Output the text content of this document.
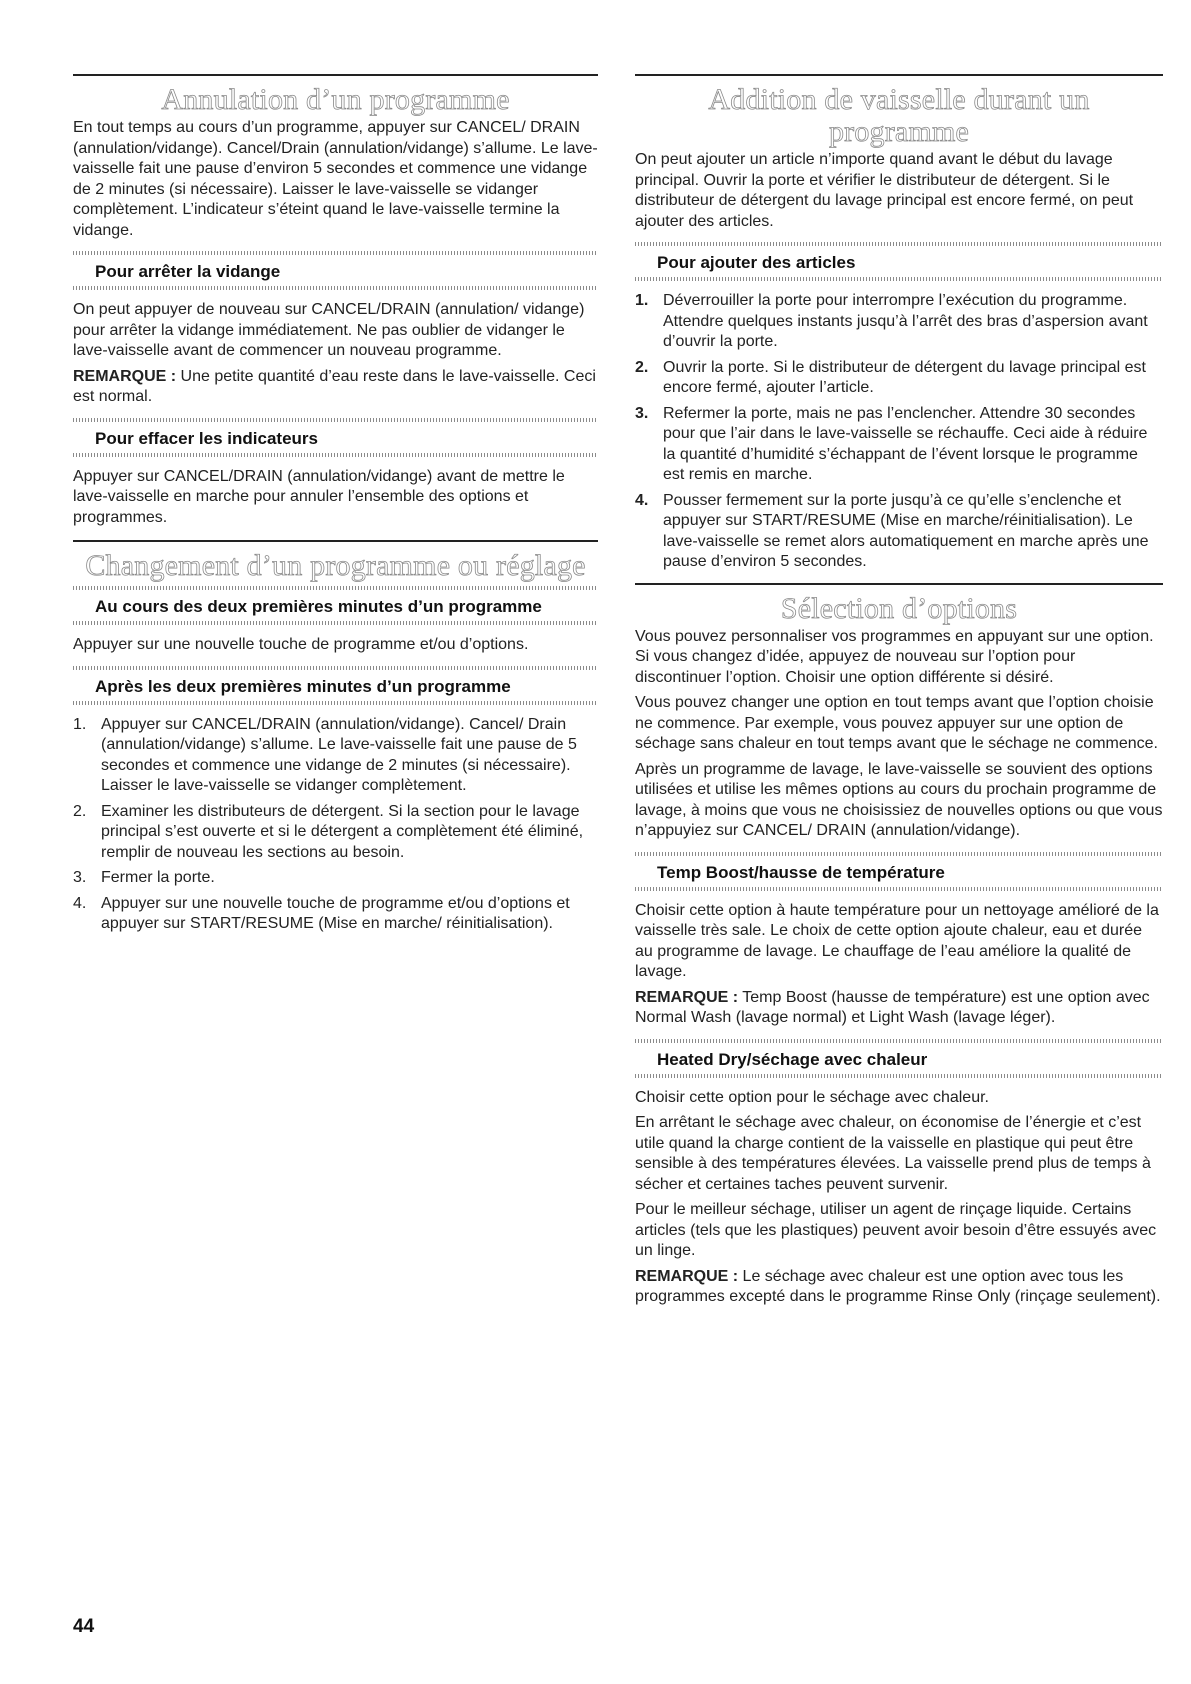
Annulation d’un programme

En tout temps au cours d’un programme, appuyer sur CANCEL/ DRAIN (annulation/vidange). Cancel/Drain (annulation/vidange) s’allume. Le lave-vaisselle fait une pause d’environ 5 secondes et commence une vidange de 2 minutes (si nécessaire). Laisser le lave-vaisselle se vidanger complètement. L’indicateur s’éteint quand le lave-vaisselle termine la vidange.

Pour arrêter la vidange

On peut appuyer de nouveau sur CANCEL/DRAIN (annulation/ vidange) pour arrêter la vidange immédiatement. Ne pas oublier de vidanger le lave-vaisselle avant de commencer un nouveau programme.

REMARQUE : Une petite quantité d’eau reste dans le lave-vaisselle. Ceci est normal.

Pour effacer les indicateurs

Appuyer sur CANCEL/DRAIN (annulation/vidange) avant de mettre le lave-vaisselle en marche pour annuler l’ensemble des options et programmes.

Changement d’un programme ou réglage
Au cours des deux premières minutes d’un programme

Appuyer sur une nouvelle touche de programme et/ou d’options.

Après les deux premières minutes d’un programme
1. Appuyer sur CANCEL/DRAIN (annulation/vidange). Cancel/ Drain (annulation/vidange) s’allume. Le lave-vaisselle fait une pause de 5 secondes et commence une vidange de 2 minutes (si nécessaire). Laisser le lave-vaisselle se vidanger complètement.
2. Examiner les distributeurs de détergent. Si la section pour le lavage principal s’est ouverte et si le détergent a complètement été éliminé, remplir de nouveau les sections au besoin.
3. Fermer la porte.
4. Appuyer sur une nouvelle touche de programme et/ou d’options et appuyer sur START/RESUME (Mise en marche/ réinitialisation).
Addition de vaisselle durant un programme

On peut ajouter un article n’importe quand avant le début du lavage principal. Ouvrir la porte et vérifier le distributeur de détergent. Si le distributeur de détergent du lavage principal est encore fermé, on peut ajouter des articles.

Pour ajouter des articles
1. Déverrouiller la porte pour interrompre l’exécution du programme. Attendre quelques instants jusqu’à l’arrêt des bras d’aspersion avant d’ouvrir la porte.
2. Ouvrir la porte. Si le distributeur de détergent du lavage principal est encore fermé, ajouter l’article.
3. Refermer la porte, mais ne pas l’enclencher. Attendre 30 secondes pour que l’air dans le lave-vaisselle se réchauffe. Ceci aide à réduire la quantité d’humidité s’échappant de l’évent lorsque le programme est remis en marche.
4. Pousser fermement sur la porte jusqu’à ce qu’elle s’enclenche et appuyer sur START/RESUME (Mise en marche/réinitialisation). Le lave-vaisselle se remet alors automatiquement en marche après une pause d’environ 5 secondes.
Sélection d’options

Vous pouvez personnaliser vos programmes en appuyant sur une option. Si vous changez d’idée, appuyez de nouveau sur l’option pour discontinuer l’option. Choisir une option différente si désiré.

Vous pouvez changer une option en tout temps avant que l’option choisie ne commence. Par exemple, vous pouvez appuyer sur une option de séchage sans chaleur en tout temps avant que le séchage ne commence.

Après un programme de lavage, le lave-vaisselle se souvient des options utilisées et utilise les mêmes options au cours du prochain programme de lavage, à moins que vous ne choisissiez de nouvelles options ou que vous n’appuyiez sur CANCEL/ DRAIN (annulation/vidange).

Temp Boost/hausse de température

Choisir cette option à haute température pour un nettoyage amélioré de la vaisselle très sale. Le choix de cette option ajoute chaleur, eau et durée au programme de lavage. Le chauffage de l’eau améliore la qualité de lavage.

REMARQUE : Temp Boost (hausse de température) est une option avec Normal Wash (lavage normal) et Light Wash (lavage léger).

Heated Dry/séchage avec chaleur

Choisir cette option pour le séchage avec chaleur.

En arrêtant le séchage avec chaleur, on économise de l’énergie et c’est utile quand la charge contient de la vaisselle en plastique qui peut être sensible à des températures élevées. La vaisselle prend plus de temps à sécher et certaines taches peuvent survenir.

Pour le meilleur séchage, utiliser un agent de rinçage liquide. Certains articles (tels que les plastiques) peuvent avoir besoin d’être essuyés avec un linge.

REMARQUE : Le séchage avec chaleur est une option avec tous les programmes excepté dans le programme Rinse Only (rinçage seulement).

44
